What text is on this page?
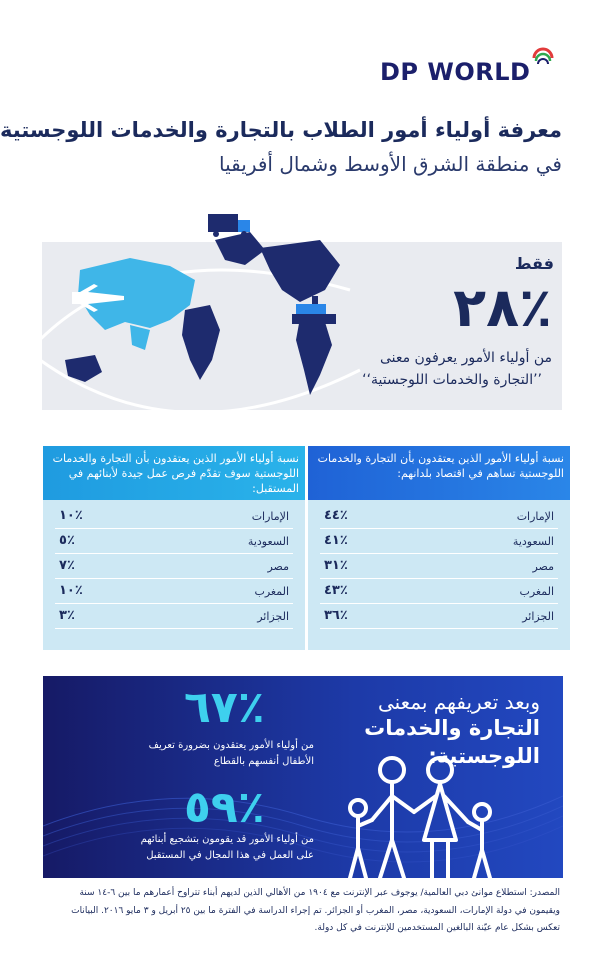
DP WORLD
معرفة أولياء أمور الطلاب بالتجارة والخدمات اللوجستية
في منطقة الشرق الأوسط وشمال أفريقيا
فقط
٪٢٨
من أولياء الأمور يعرفون معنى
’’التجارة والخدمات اللوجستية‘‘
نسبة أولياء الأمور الذين يعتقدون بأن التجارة والخدمات اللوجستية تساهم في اقتصاد بلدانهم:
الإمارات
٪٤٤
السعودية
٪٤١
مصر
٪٣١
المغرب
٪٤٣
الجزائر
٪٣٦
نسبة أولياء الأمور الذين يعتقدون بأن التجارة والخدمات اللوجستية سوف تقدّم فرص عمل جيدة لأبنائهم في المستقبل:
الإمارات
٪١٠
السعودية
٪٥
مصر
٪٧
المغرب
٪١٠
الجزائر
٪٣
وبعد تعريفهم بمعنى
التجارة والخدمات
اللوجستية:
٪٦٧
من أولياء الأمور يعتقدون بضرورة تعريف
الأطفال أنفسهم بالقطاع
٪٥٩
من أولياء الأمور قد يقومون بتشجيع أبنائهم
على العمل في هذا المجال في المستقبل
المصدر: استطلاع موانئ دبي العالمية/ يوجوف عبر الإنترنت مع ١٩٠٤ من الأهالي الذين لديهم أبناء تتراوح أعمارهم ما بين ٦-١٤ سنة
ويقيمون في دولة الإمارات، السعودية، مصر، المغرب أو الجزائر. تم إجراء الدراسة في الفترة ما بين ٢٥ أبريل و ٣ مايو ٢٠١٦. البيانات
تعكس بشكل عام عيّنة البالغين المستخدمين للإنترنت في كل دولة.
